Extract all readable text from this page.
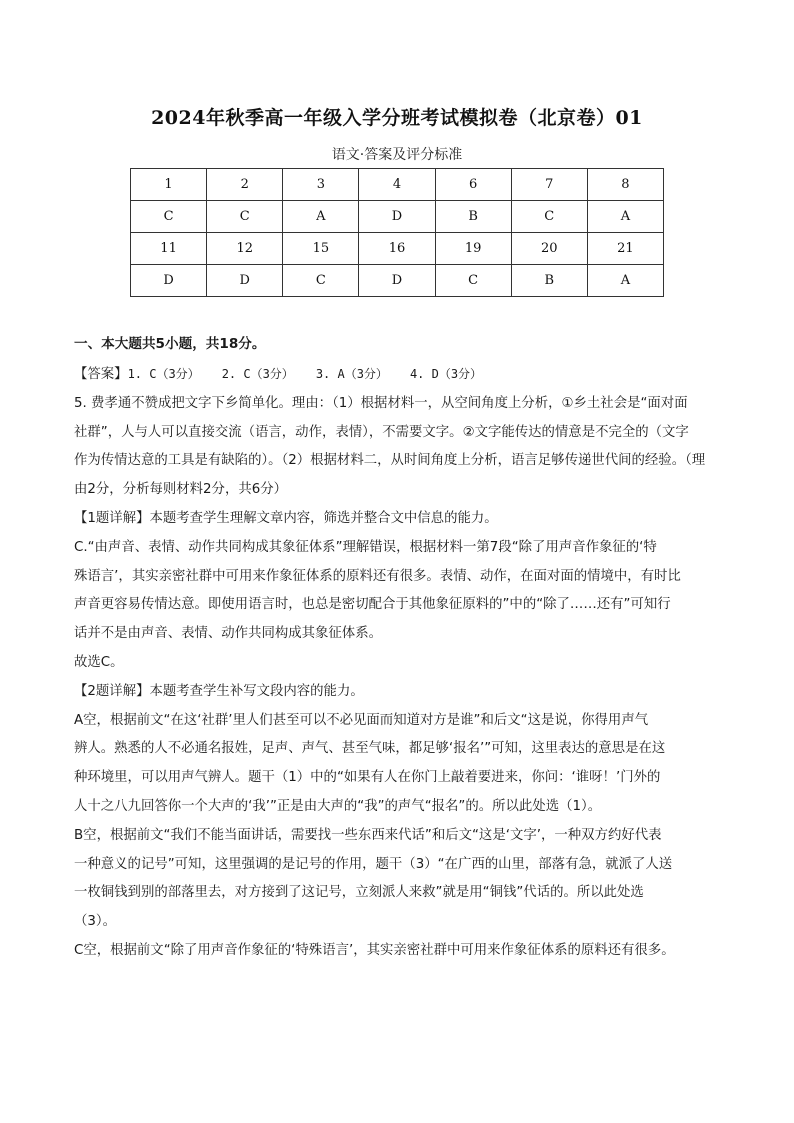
2024年秋季高一年级入学分班考试模拟卷（北京卷）01
语文·答案及评分标准
1	2	3	4	6	7	8
C	C	A	D	B	C	A
11	12	15	16	19	20	21
D	D	C	D	C	B	A

一、本大题共5小题，共18分。

【答案】1. C（3分） 2. C（3分） 3. A（3分） 4. D（3分）

5. 费孝通不赞成把文字下乡简单化。理由：（1）根据材料一，从空间角度上分析，①乡土社会是“面对面

社群”，人与人可以直接交流（语言，动作，表情），不需要文字。②文字能传达的情意是不完全的（文字

作为传情达意的工具是有缺陷的）。（2）根据材料二，从时间角度上分析，语言足够传递世代间的经验。（理

由2分，分析每则材料2分，共6分）

【1题详解】本题考查学生理解文章内容，筛选并整合文中信息的能力。

C.“由声音、表情、动作共同构成其象征体系”理解错误，根据材料一第7段“除了用声音作象征的‘特

殊语言’，其实亲密社群中可用来作象征体系的原料还有很多。表情、动作，在面对面的情境中，有时比

声音更容易传情达意。即使用语言时，也总是密切配合于其他象征原料的”中的“除了……还有”可知行

话并不是由声音、表情、动作共同构成其象征体系。

故选C。

【2题详解】本题考查学生补写文段内容的能力。

A空，根据前文“在这‘社群’里人们甚至可以不必见面而知道对方是谁”和后文“这是说，你得用声气

辨人。熟悉的人不必通名报姓，足声、声气、甚至气味，都足够‘报名’”可知，这里表达的意思是在这

种环境里，可以用声气辨人。题干（1）中的“如果有人在你门上敲着要进来，你问：‘谁呀！’门外的

人十之八九回答你一个大声的‘我’”正是由大声的“我”的声气“报名”的。所以此处选（1）。

B空，根据前文“我们不能当面讲话，需要找一些东西来代话”和后文“这是‘文字’，一种双方约好代表

一种意义的记号”可知，这里强调的是记号的作用，题干（3）“在广西的山里，部落有急，就派了人送

一枚铜钱到别的部落里去，对方接到了这记号，立刻派人来救”就是用“铜钱”代话的。所以此处选

（3）。

C空，根据前文“除了用声音作象征的‘特殊语言’，其实亲密社群中可用来作象征体系的原料还有很多。
